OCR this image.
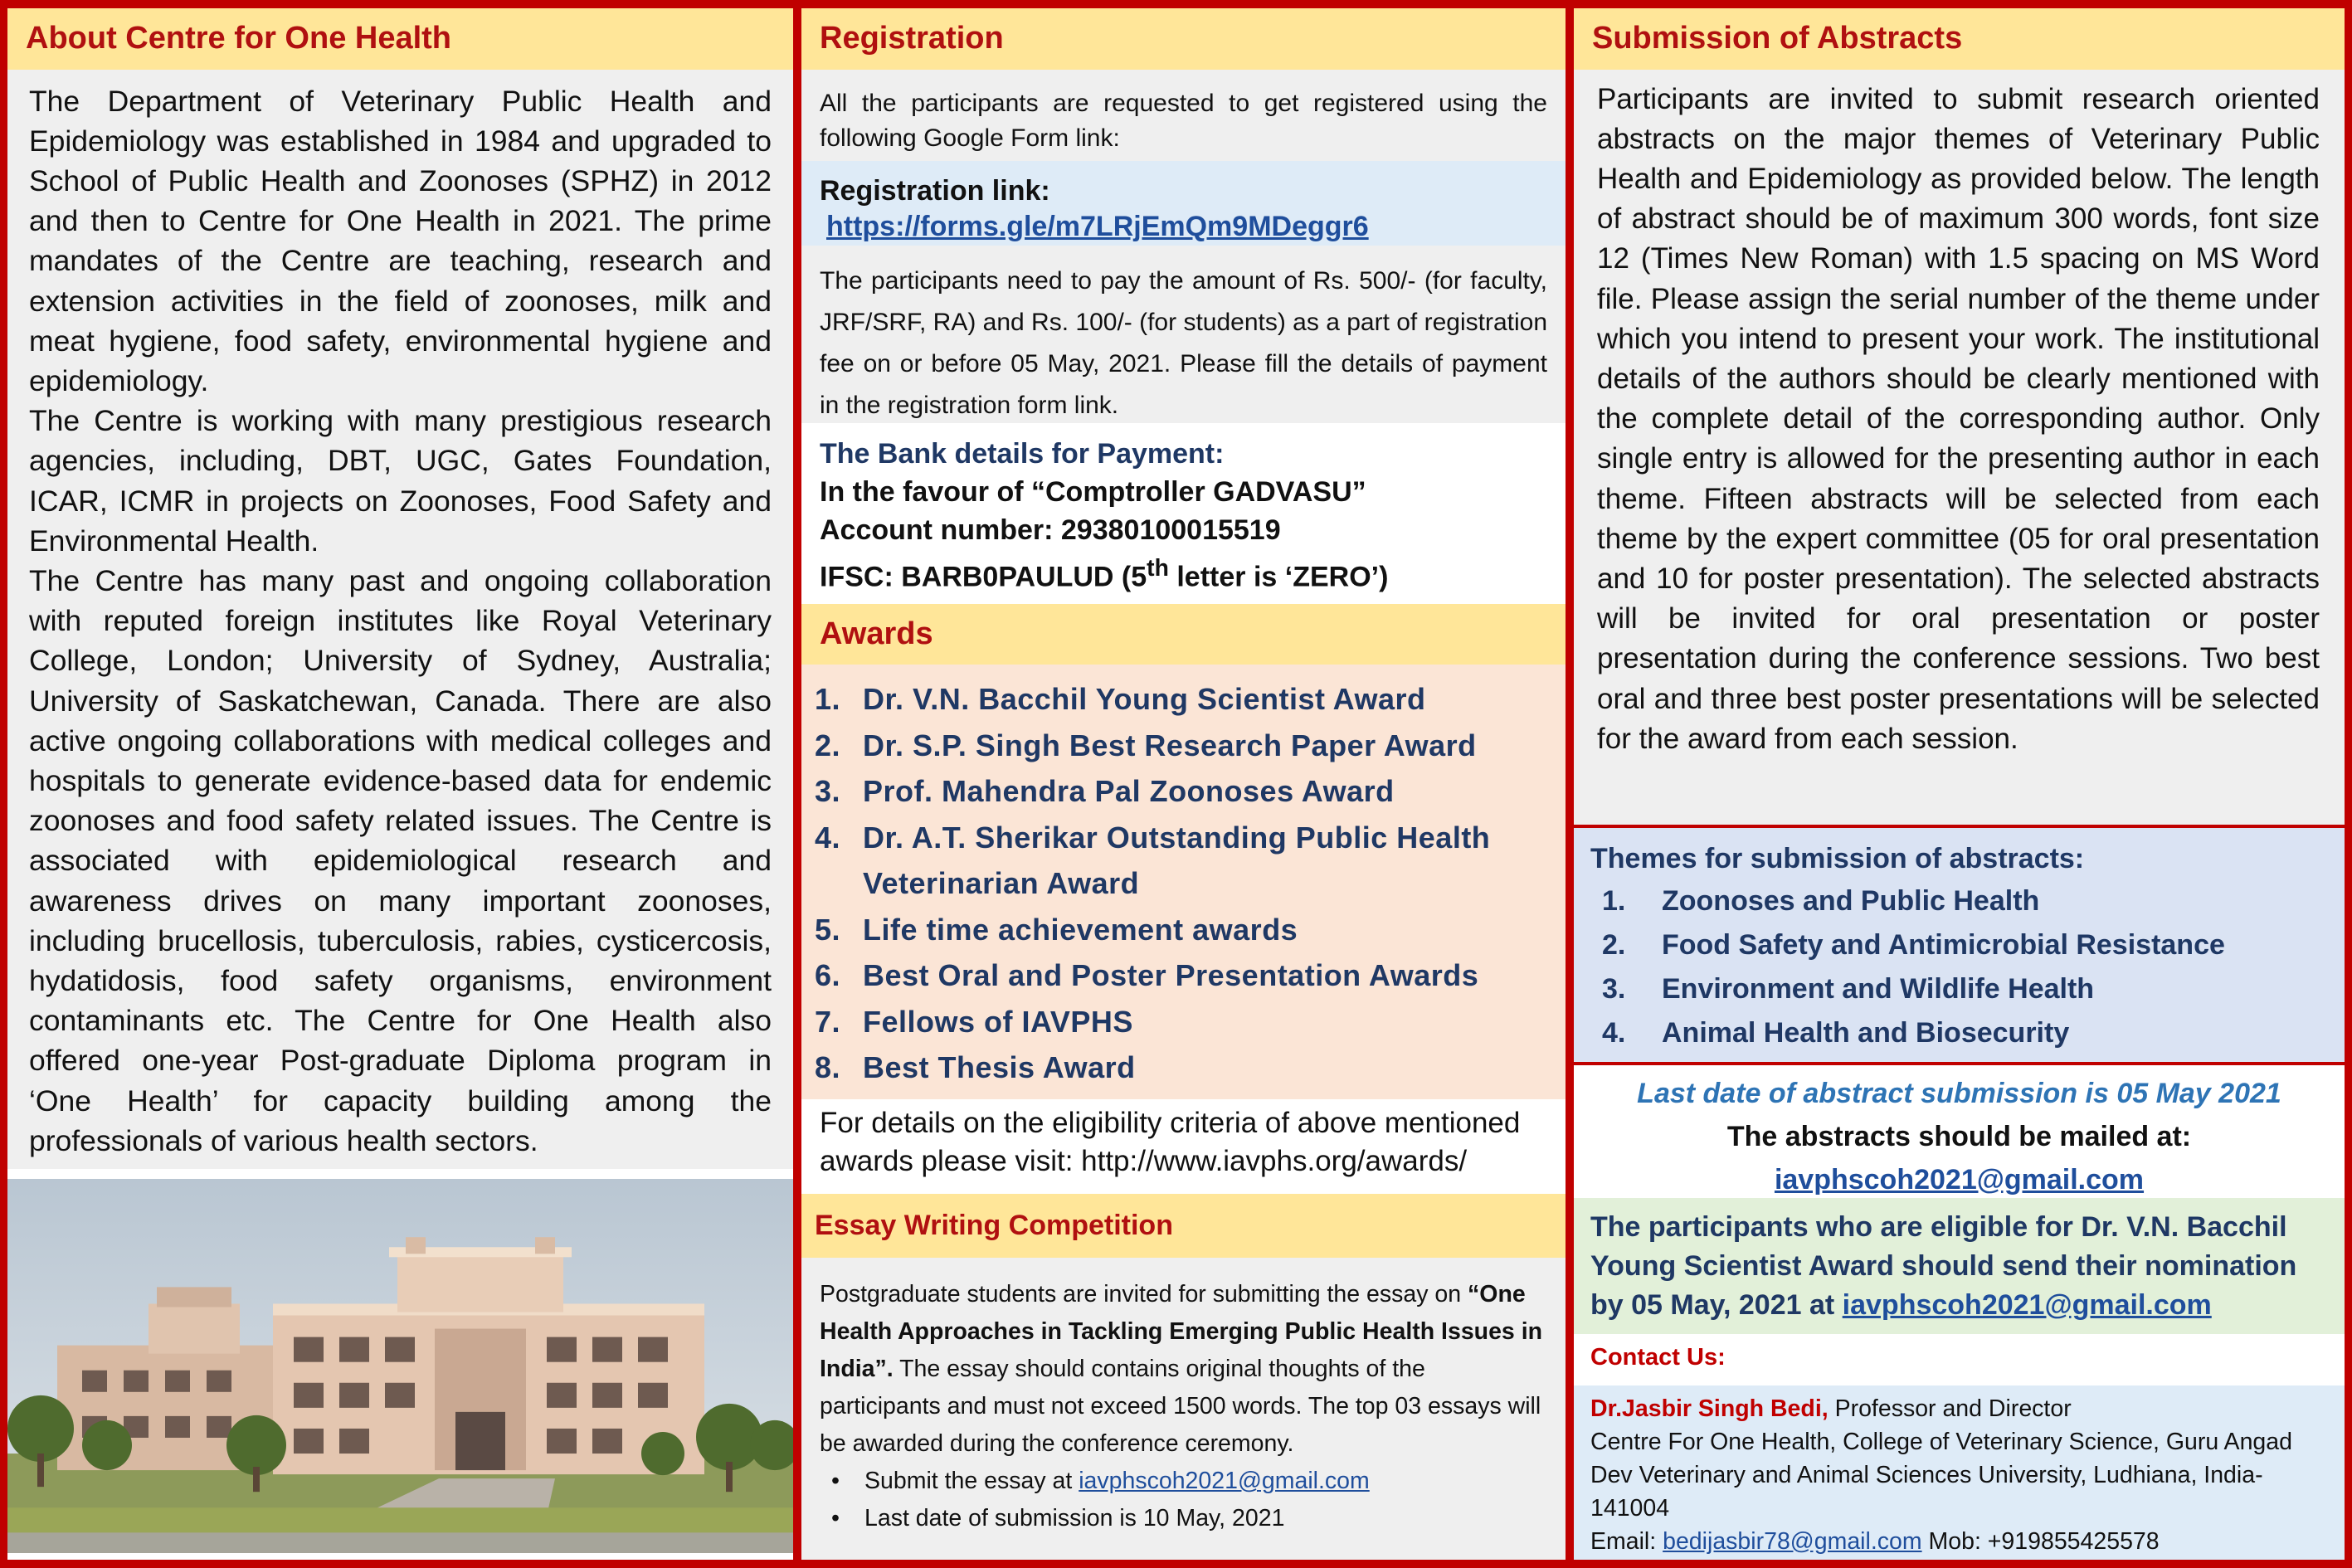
About Centre for One Health

The Department of Veterinary Public Health and Epidemiology was established in 1984 and upgraded to School of Public Health and Zoonoses (SPHZ) in 2012 and then to Centre for One Health in 2021. The prime mandates of the Centre are teaching, research and extension activities in the field of zoonoses, milk and meat hygiene, food safety, environmental hygiene and epidemiology.

The Centre is working with many prestigious research agencies, including, DBT, UGC, Gates Foundation, ICAR, ICMR in projects on Zoonoses, Food Safety and Environmental Health.

The Centre has many past and ongoing collaboration with reputed foreign institutes like Royal Veterinary College, London; University of Sydney, Australia; University of Saskatchewan, Canada. There are also active ongoing collaborations with medical colleges and hospitals to generate evidence-based data for endemic zoonoses and food safety related issues. The Centre is associated with epidemiological research and awareness drives on many important zoonoses, including brucellosis, tuberculosis, rabies, cysticercosis, hydatidosis, food safety organisms, environment contaminants etc. The Centre for One Health also offered one-year Post-graduate Diploma program in ‘One Health’ for capacity building among the professionals of various health sectors.

Registration
All the participants are requested to get registered using the following Google Form link:
Registration link:
https://forms.gle/m7LRjEmQm9MDeggr6
The participants need to pay the amount of Rs. 500/- (for faculty, JRF/SRF, RA) and Rs. 100/- (for students) as a part of registration fee on or before 05 May, 2021. Please fill the details of payment in the registration form link.
The Bank details for Payment:
In the favour of “Comptroller GADVASU”
Account number: 29380100015519
IFSC: BARB0PAULUD (5th letter is ‘ZERO’)
Awards
1. Dr. V.N. Bacchil Young Scientist Award
2. Dr. S.P. Singh Best Research Paper Award
3. Prof. Mahendra Pal Zoonoses Award
4. Dr. A.T. Sherikar Outstanding Public Health Veterinarian Award
5. Life time achievement awards
6. Best Oral and Poster Presentation Awards
7. Fellows of IAVPHS
8. Best Thesis Award
For details on the eligibility criteria of above mentioned awards please visit: http://www.iavphs.org/awards/
Essay Writing Competition
Postgraduate students are invited for submitting the essay on “One Health Approaches in Tackling Emerging Public Health Issues in India”. The essay should contains original thoughts of the participants and must not exceed 1500 words. The top 03 essays will be awarded during the conference ceremony.
•	Submit the essay at iavphscoh2021@gmail.com
•	Last date of submission is 10 May, 2021
Submission of Abstracts
Participants are invited to submit research oriented abstracts on the major themes of Veterinary Public Health and Epidemiology as provided below. The length of abstract should be of maximum 300 words, font size 12 (Times New Roman) with 1.5 spacing on MS Word file. Please assign the serial number of the theme under which you intend to present your work. The institutional details of the authors should be clearly mentioned with the complete detail of the corresponding author. Only single entry is allowed for the presenting author in each theme. Fifteen abstracts will be selected from each theme by the expert committee (05 for oral presentation and 10 for poster presentation). The selected abstracts will be invited for oral presentation or poster presentation during the conference sessions. Two best oral and three best poster presentations will be selected for the award from each session.
Themes for submission of abstracts:
1.	Zoonoses and Public Health
2.	Food Safety and Antimicrobial Resistance
3.	Environment and Wildlife Health
4.	Animal Health and Biosecurity
Last date of abstract submission is 05 May 2021
The abstracts should be mailed at:
iavphscoh2021@gmail.com
The participants who are eligible for Dr. V.N. Bacchil Young Scientist Award should send their nomination by 05 May, 2021 at iavphscoh2021@gmail.com
Contact Us:
Dr.Jasbir Singh Bedi, Professor and Director
Centre For One Health, College of Veterinary Science, Guru Angad Dev Veterinary and Animal Sciences University, Ludhiana, India-141004
Email: bedijasbir78@gmail.com Mob: +919855425578
